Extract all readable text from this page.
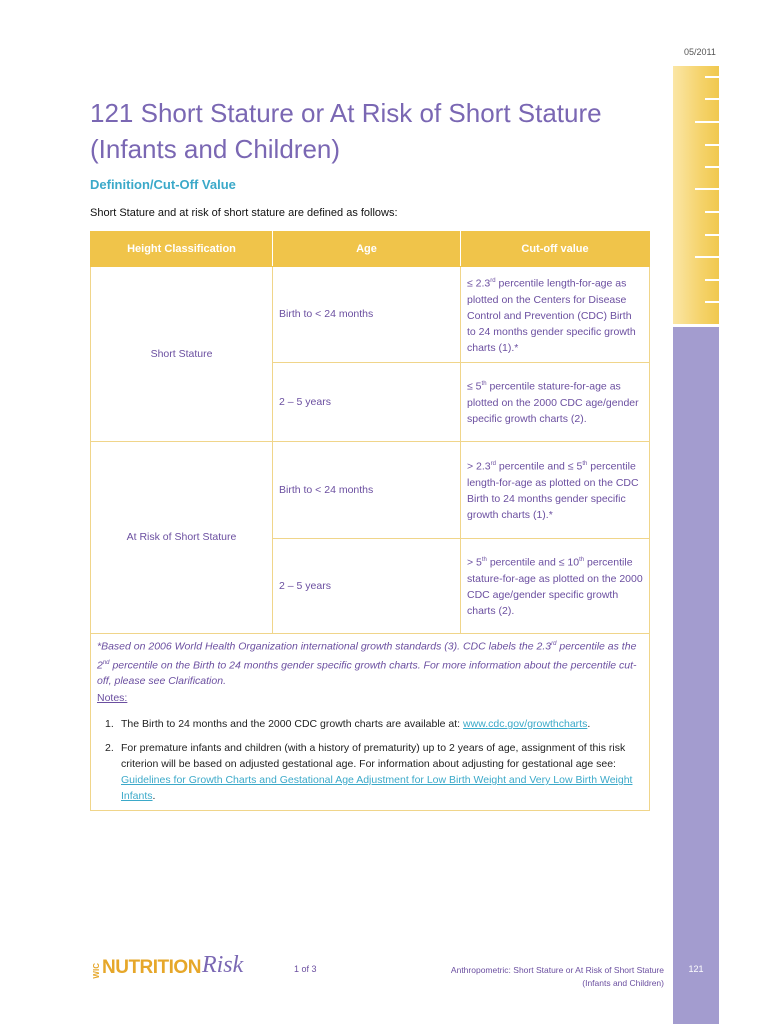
05/2011
121
121 Short Stature or At Risk of Short Stature (Infants and Children)
Definition/Cut-Off Value
Short Stature and at risk of short stature are defined as follows:
Height Classification	Age	Cut-off value
Short Stature	Birth to < 24 months	≤ 2.3rd percentile length-for-age as plotted on the Centers for Disease Control and Prevention (CDC) Birth to 24 months gender specific growth charts (1).*
	2 – 5 years	≤ 5th percentile stature-for-age as plotted on the 2000 CDC age/gender specific growth charts (2).
At Risk of Short Stature	Birth to < 24 months	> 2.3rd percentile and ≤ 5th percentile length-for-age as plotted on the CDC Birth to 24 months gender specific growth charts (1).*
	2 – 5 years	> 5th percentile and ≤ 10th percentile stature-for-age as plotted on the 2000 CDC age/gender specific growth charts (2).
*Based on 2006 World Health Organization international growth standards (3). CDC labels the 2.3rd percentile as the 2nd percentile on the Birth to 24 months gender specific growth charts. For more information about the percentile cut-off, please see Clarification.
Notes:
1. The Birth to 24 months and the 2000 CDC growth charts are available at: www.cdc.gov/growthcharts.
2. For premature infants and children (with a history of prematurity) up to 2 years of age, assignment of this risk criterion will be based on adjusted gestational age. For information about adjusting for gestational age see: Guidelines for Growth Charts and Gestational Age Adjustment for Low Birth Weight and Very Low Birth Weight Infants.
WIC NUTRITION Risk	1 of 3	Anthropometric: Short Stature or At Risk of Short Stature
(Infants and Children)
